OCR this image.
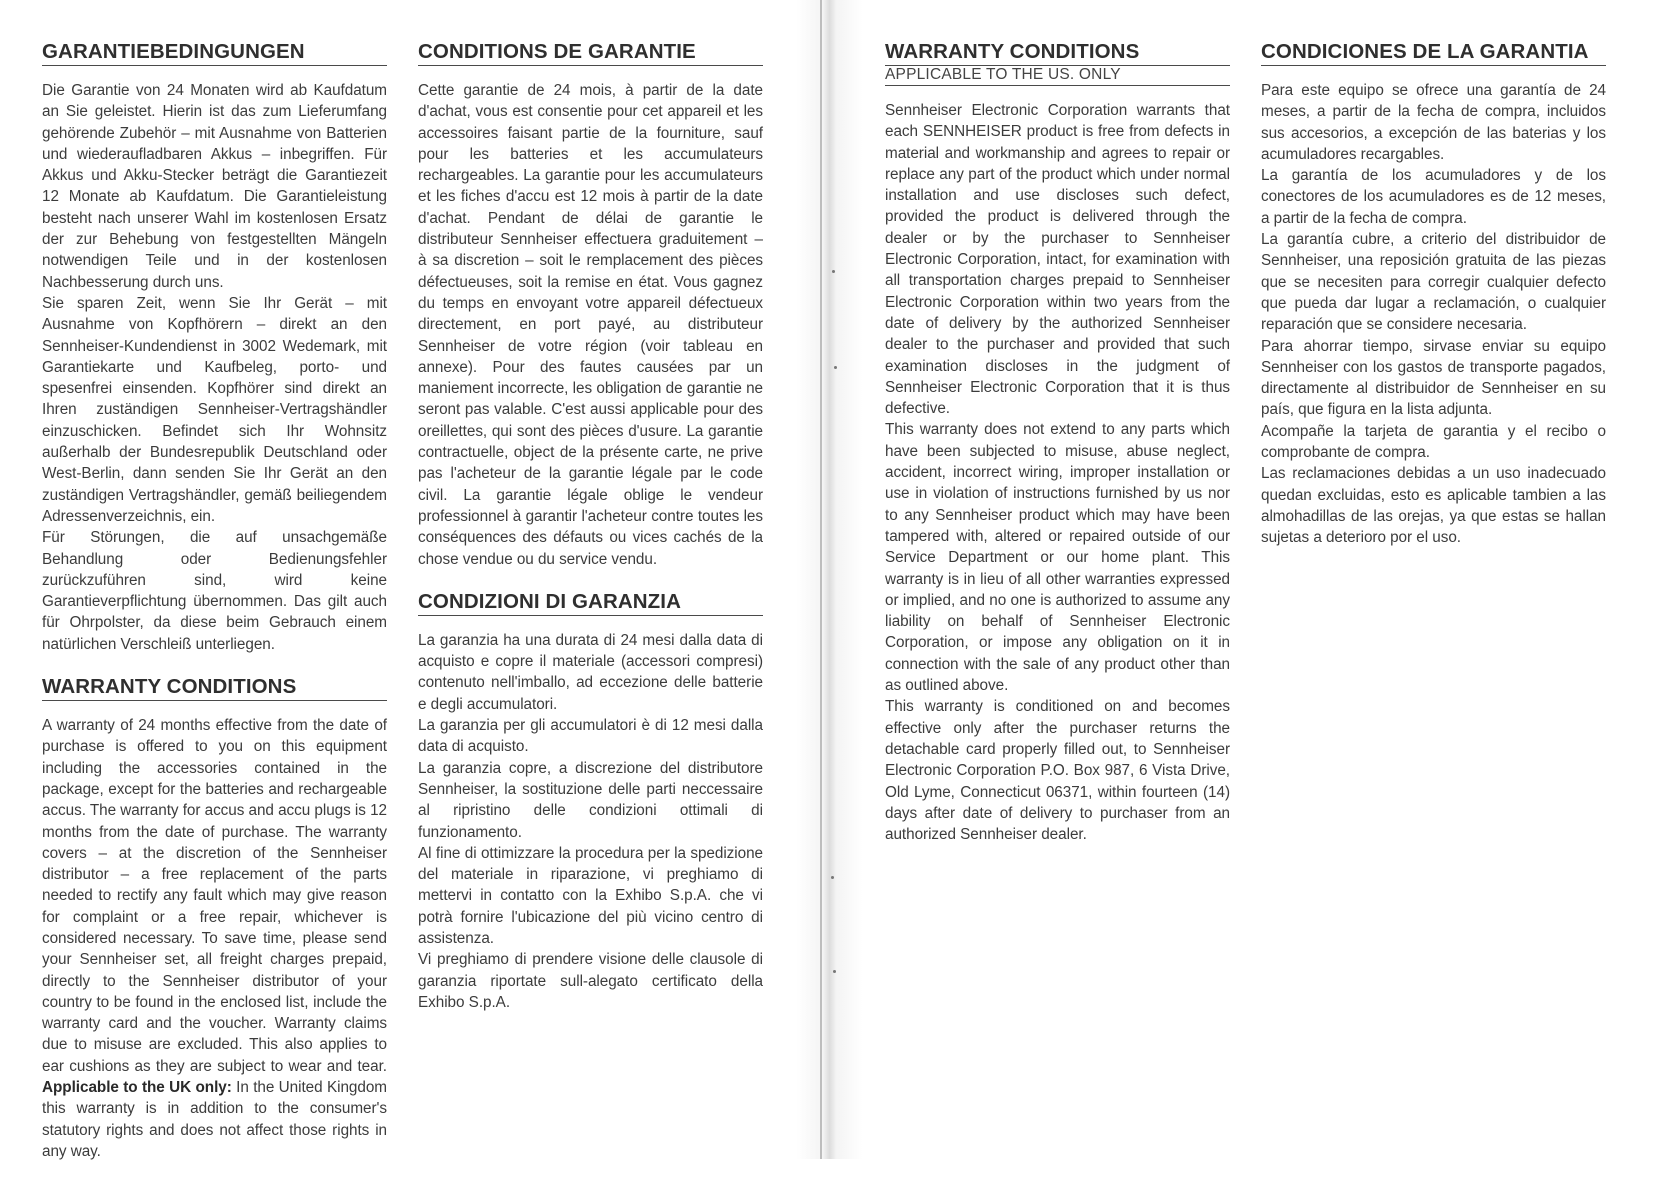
GARANTIEBEDINGUNGEN

Die Garantie von 24 Monaten wird ab Kaufdatum an Sie geleistet. Hierin ist das zum Lieferumfang gehörende Zubehör – mit Ausnahme von Batterien und wiederaufladbaren Akkus – inbegriffen. Für Akkus und Akku-Stecker beträgt die Garantiezeit 12 Monate ab Kaufdatum. Die Garantieleistung besteht nach unserer Wahl im kostenlosen Ersatz der zur Behebung von festgestellten Mängeln notwendigen Teile und in der kostenlosen Nachbesserung durch uns.

Sie sparen Zeit, wenn Sie Ihr Gerät – mit Ausnahme von Kopfhörern – direkt an den Sennheiser-Kundendienst in 3002 Wedemark, mit Garantiekarte und Kaufbeleg, porto- und spesenfrei einsenden. Kopfhörer sind direkt an Ihren zuständigen Sennheiser-Vertragshändler einzuschicken. Befindet sich Ihr Wohnsitz außerhalb der Bundesrepublik Deutschland oder West-Berlin, dann senden Sie Ihr Gerät an den zuständigen Vertragshändler, gemäß beiliegendem Adressenverzeichnis, ein.

Für Störungen, die auf unsachgemäße Behandlung oder Bedienungsfehler zurückzuführen sind, wird keine Garantieverpflichtung übernommen. Das gilt auch für Ohrpolster, da diese beim Gebrauch einem natürlichen Verschleiß unterliegen.

WARRANTY CONDITIONS

A warranty of 24 months effective from the date of purchase is offered to you on this equipment including the accessories contained in the package, except for the batteries and rechargeable accus. The warranty for accus and accu plugs is 12 months from the date of purchase. The warranty covers – at the discretion of the Sennheiser distributor – a free replacement of the parts needed to rectify any fault which may give reason for complaint or a free repair, whichever is considered necessary. To save time, please send your Sennheiser set, all freight charges prepaid, directly to the Sennheiser distributor of your country to be found in the enclosed list, include the warranty card and the voucher. Warranty claims due to misuse are excluded. This also applies to ear cushions as they are subject to wear and tear. Applicable to the UK only: In the United Kingdom this warranty is in addition to the consumer's statutory rights and does not affect those rights in any way.

CONDITIONS DE GARANTIE

Cette garantie de 24 mois, à partir de la date d'achat, vous est consentie pour cet appareil et les accessoires faisant partie de la fourniture, sauf pour les batteries et les accumulateurs rechargeables. La garantie pour les accumulateurs et les fiches d'accu est 12 mois à partir de la date d'achat. Pendant de délai de garantie le distributeur Sennheiser effectuera graduitement – à sa discretion – soit le remplacement des pièces défectueuses, soit la remise en état. Vous gagnez du temps en envoyant votre appareil défectueux directement, en port payé, au distributeur Sennheiser de votre région (voir tableau en annexe). Pour des fautes causées par un maniement incorrecte, les obligation de garantie ne seront pas valable. C'est aussi applicable pour des oreillettes, qui sont des pièces d'usure. La garantie contractuelle, object de la présente carte, ne prive pas l'acheteur de la garantie légale par le code civil. La garantie légale oblige le vendeur professionnel à garantir l'acheteur contre toutes les conséquences des défauts ou vices cachés de la chose vendue ou du service vendu.

CONDIZIONI DI GARANZIA

La garanzia ha una durata di 24 mesi dalla data di acquisto e copre il materiale (accessori compresi) contenuto nell'imballo, ad eccezione delle batterie e degli accumulatori.

La garanzia per gli accumulatori è di 12 mesi dalla data di acquisto.

La garanzia copre, a discrezione del distributore Sennheiser, la sostituzione delle parti neccessaire al ripristino delle condizioni ottimali di funzionamento.

Al fine di ottimizzare la procedura per la spedizione del materiale in riparazione, vi preghiamo di mettervi in contatto con la Exhibo S.p.A. che vi potrà fornire l'ubicazione del più vicino centro di assistenza.

Vi preghiamo di prendere visione delle clausole di garanzia riportate sull-alegato certificato della Exhibo S.p.A.

WARRANTY CONDITIONS
APPLICABLE TO THE US. ONLY

Sennheiser Electronic Corporation warrants that each SENNHEISER product is free from defects in material and workmanship and agrees to repair or replace any part of the product which under normal installation and use discloses such defect, provided the product is delivered through the dealer or by the purchaser to Sennheiser Electronic Corporation, intact, for examination with all transportation charges prepaid to Sennheiser Electronic Corporation within two years from the date of delivery by the authorized Sennheiser dealer to the purchaser and provided that such examination discloses in the judgment of Sennheiser Electronic Corporation that it is thus defective.

This warranty does not extend to any parts which have been subjected to misuse, abuse neglect, accident, incorrect wiring, improper installation or use in violation of instructions furnished by us nor to any Sennheiser product which may have been tampered with, altered or repaired outside of our Service Department or our home plant. This warranty is in lieu of all other warranties expressed or implied, and no one is authorized to assume any liability on behalf of Sennheiser Electronic Corporation, or impose any obligation on it in connection with the sale of any product other than as outlined above.

This warranty is conditioned on and becomes effective only after the purchaser returns the detachable card properly filled out, to Sennheiser Electronic Corporation P.O. Box 987, 6 Vista Drive, Old Lyme, Connecticut 06371, within fourteen (14) days after date of delivery to purchaser from an authorized Sennheiser dealer.

CONDICIONES DE LA GARANTIA

Para este equipo se ofrece una garantía de 24 meses, a partir de la fecha de compra, incluidos sus accesorios, a excepción de las baterias y los acumuladores recargables.

La garantía de los acumuladores y de los conectores de los acumuladores es de 12 meses, a partir de la fecha de compra.

La garantía cubre, a criterio del distribuidor de Sennheiser, una reposición gratuita de las piezas que se necesiten para corregir cualquier defecto que pueda dar lugar a reclamación, o cualquier reparación que se considere necesaria.

Para ahorrar tiempo, sirvase enviar su equipo Sennheiser con los gastos de transporte pagados, directamente al distribuidor de Sennheiser en su país, que figura en la lista adjunta.

Acompañe la tarjeta de garantia y el recibo o comprobante de compra.

Las reclamaciones debidas a un uso inadecuado quedan excluidas, esto es aplicable tambien a las almohadillas de las orejas, ya que estas se hallan sujetas a deterioro por el uso.
